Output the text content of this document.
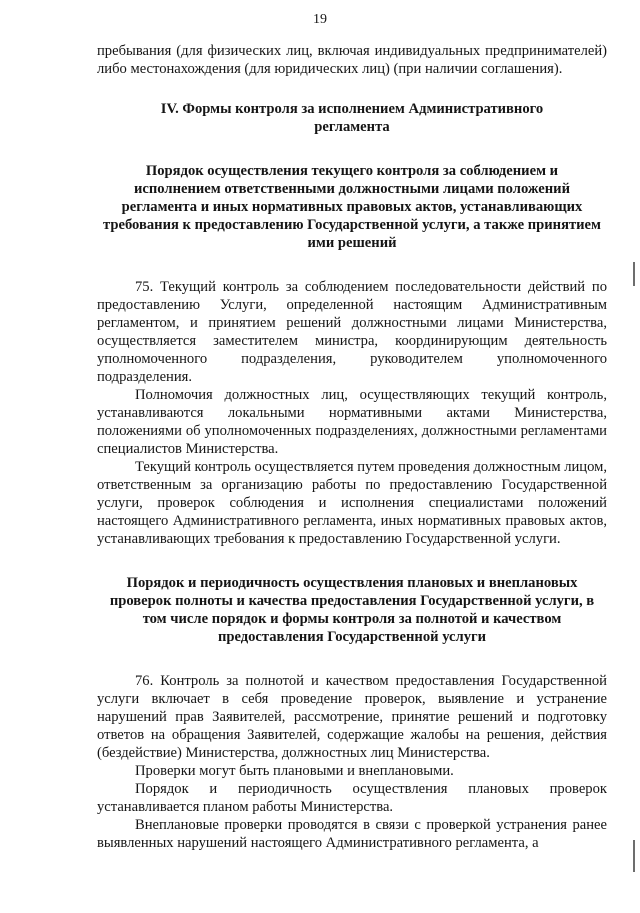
19

пребывания (для физических лиц, включая индивидуальных предпринимателей) либо местонахождения (для юридических лиц) (при наличии соглашения).

IV. Формы контроля за исполнением Административного регламента

Порядок осуществления текущего контроля за соблюдением и исполнением ответственными должностными лицами положений регламента и иных нормативных правовых актов, устанавливающих требования к предоставлению Государственной услуги, а также принятием ими решений

75. Текущий контроль за соблюдением последовательности действий по предоставлению Услуги, определенной настоящим Административным регламентом, и принятием решений должностными лицами Министерства, осуществляется заместителем министра, координирующим деятельность уполномоченного подразделения, руководителем уполномоченного подразделения.

Полномочия должностных лиц, осуществляющих текущий контроль, устанавливаются локальными нормативными актами Министерства, положениями об уполномоченных подразделениях, должностными регламентами специалистов Министерства.

Текущий контроль осуществляется путем проведения должностным лицом, ответственным за организацию работы по предоставлению Государственной услуги, проверок соблюдения и исполнения специалистами положений настоящего Административного регламента, иных нормативных правовых актов, устанавливающих требования к предоставлению Государственной услуги.

Порядок и периодичность осуществления плановых и внеплановых проверок полноты и качества предоставления Государственной услуги, в том числе порядок и формы контроля за полнотой и качеством предоставления Государственной услуги

76. Контроль за полнотой и качеством предоставления Государственной услуги включает в себя проведение проверок, выявление и устранение нарушений прав Заявителей, рассмотрение, принятие решений и подготовку ответов на обращения Заявителей, содержащие жалобы на решения, действия (бездействие) Министерства, должностных лиц Министерства.

Проверки могут быть плановыми и внеплановыми.

Порядок и периодичность осуществления плановых проверок устанавливается планом работы Министерства.

Внеплановые проверки проводятся в связи с проверкой устранения ранее выявленных нарушений настоящего Административного регламента, а
